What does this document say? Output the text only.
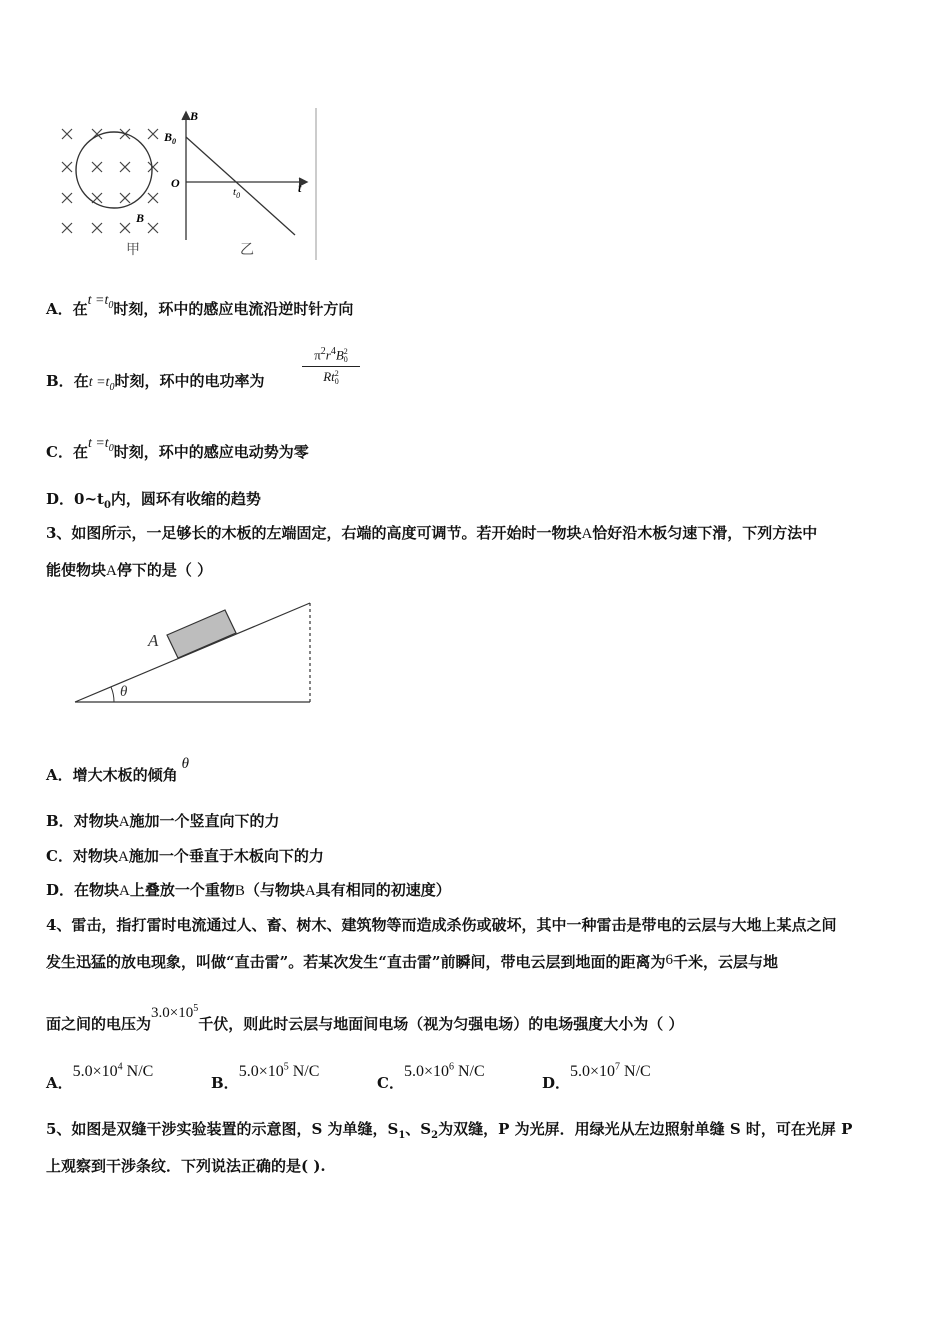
B
甲
B
$B_0$
O
$t_0$
t
乙
A．在$t =t_0$时刻，环中的感应电流沿逆时针方向
B．在$t =t_0$时刻，环中的电功率为	$\pi^2r^4B$ 2
0
Rt 2
0
C．在$t =t_0$时刻，环中的感应电动势为零
D．$0\sim t_0$内，圆环有收缩的趋势
3、如图所示，一足够长的木板的左端固定，右端的高度可调节。若开始时一物块A恰好沿木板匀速下滑，下列方法中
能使物块A停下的是（ ）
A
θ
A．增大木板的倾角θ
B．对物块A施加一个竖直向下的力
C．对物块A施加一个垂直于木板向下的力
D．在物块A上叠放一个重物B（与物块A具有相同的初速度）
4、雷击，指打雷时电流通过人、畜、树木、建筑物等而造成杀伤或破坏，其中一种雷击是带电的云层与大地上某点之间
发生迅猛的放电现象，叫做“直击雷”。若某次发生“直击雷”前瞬间，带电云层到地面的距离为6千米，云层与地
面之间的电压为$3.0\times 10^5$千伏，则此时云层与地面间电场（视为匀强电场）的电场强度大小为（ ）
A．$5.0\times 10^4$ N/C
B．$5.0\times 10^5$ N/C
C．$5.0\times 10^6$ N/C
D．$5.0\times 10^7$ N/C
5、如图是双缝干涉实验装置的示意图，S 为单缝，$S_1$、$S_2$为双缝，P 为光屏．用绿光从左边照射单缝 S 时，可在光屏 P
上观察到干涉条纹．下列说法正确的是( ).
